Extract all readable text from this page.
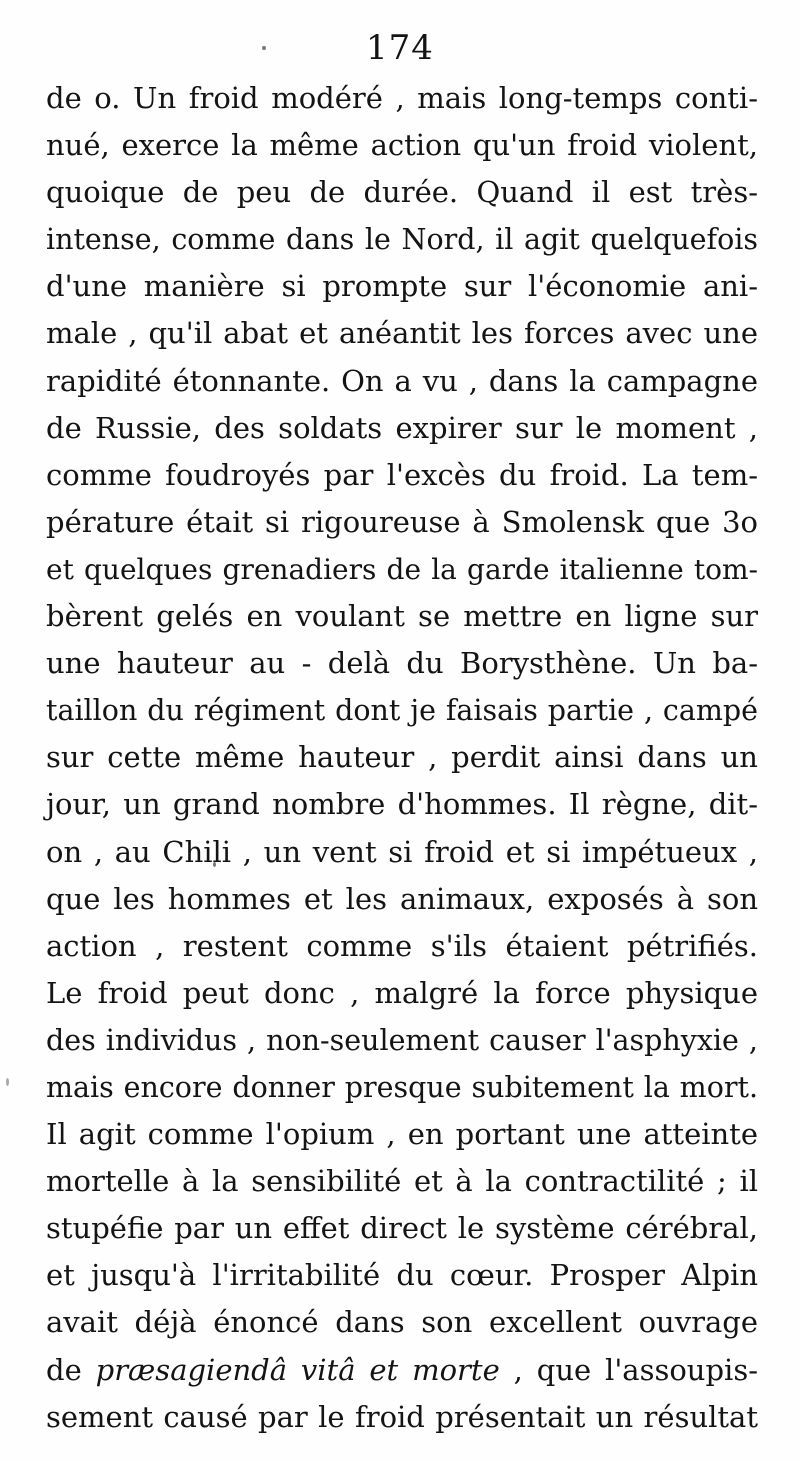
174
de o. Un froid modéré , mais long-temps conti-
nué, exerce la même action qu'un froid violent,
quoique de peu de durée. Quand il est très-
intense, comme dans le Nord, il agit quelquefois
d'une manière si prompte sur l'économie ani-
male , qu'il abat et anéantit les forces avec une
rapidité étonnante. On a vu , dans la campagne
de Russie, des soldats expirer sur le moment ,
comme foudroyés par l'excès du froid. La tem-
pérature était si rigoureuse à Smolensk que 3o
et quelques grenadiers de la garde italienne tom-
bèrent gelés en voulant se mettre en ligne sur
une hauteur au - delà du Borysthène. Un ba-
taillon du régiment dont je faisais partie , campé
sur cette même hauteur , perdit ainsi dans un
jour, un grand nombre d'hommes. Il règne, dit-
on , au Chili , un vent si froid et si impétueux ,
que les hommes et les animaux, exposés à son
action , restent comme s'ils étaient pétrifiés.
Le froid peut donc , malgré la force physique
des individus , non-seulement causer l'asphyxie ,
mais encore donner presque subitement la mort.
Il agit comme l'opium , en portant une atteinte
mortelle à la sensibilité et à la contractilité ; il
stupéfie par un effet direct le système cérébral,
et jusqu'à l'irritabilité du cœur. Prosper Alpin
avait déjà énoncé dans son excellent ouvrage
de præsagiendâ vitâ et morte , que l'assoupis-
sement causé par le froid présentait un résultat
